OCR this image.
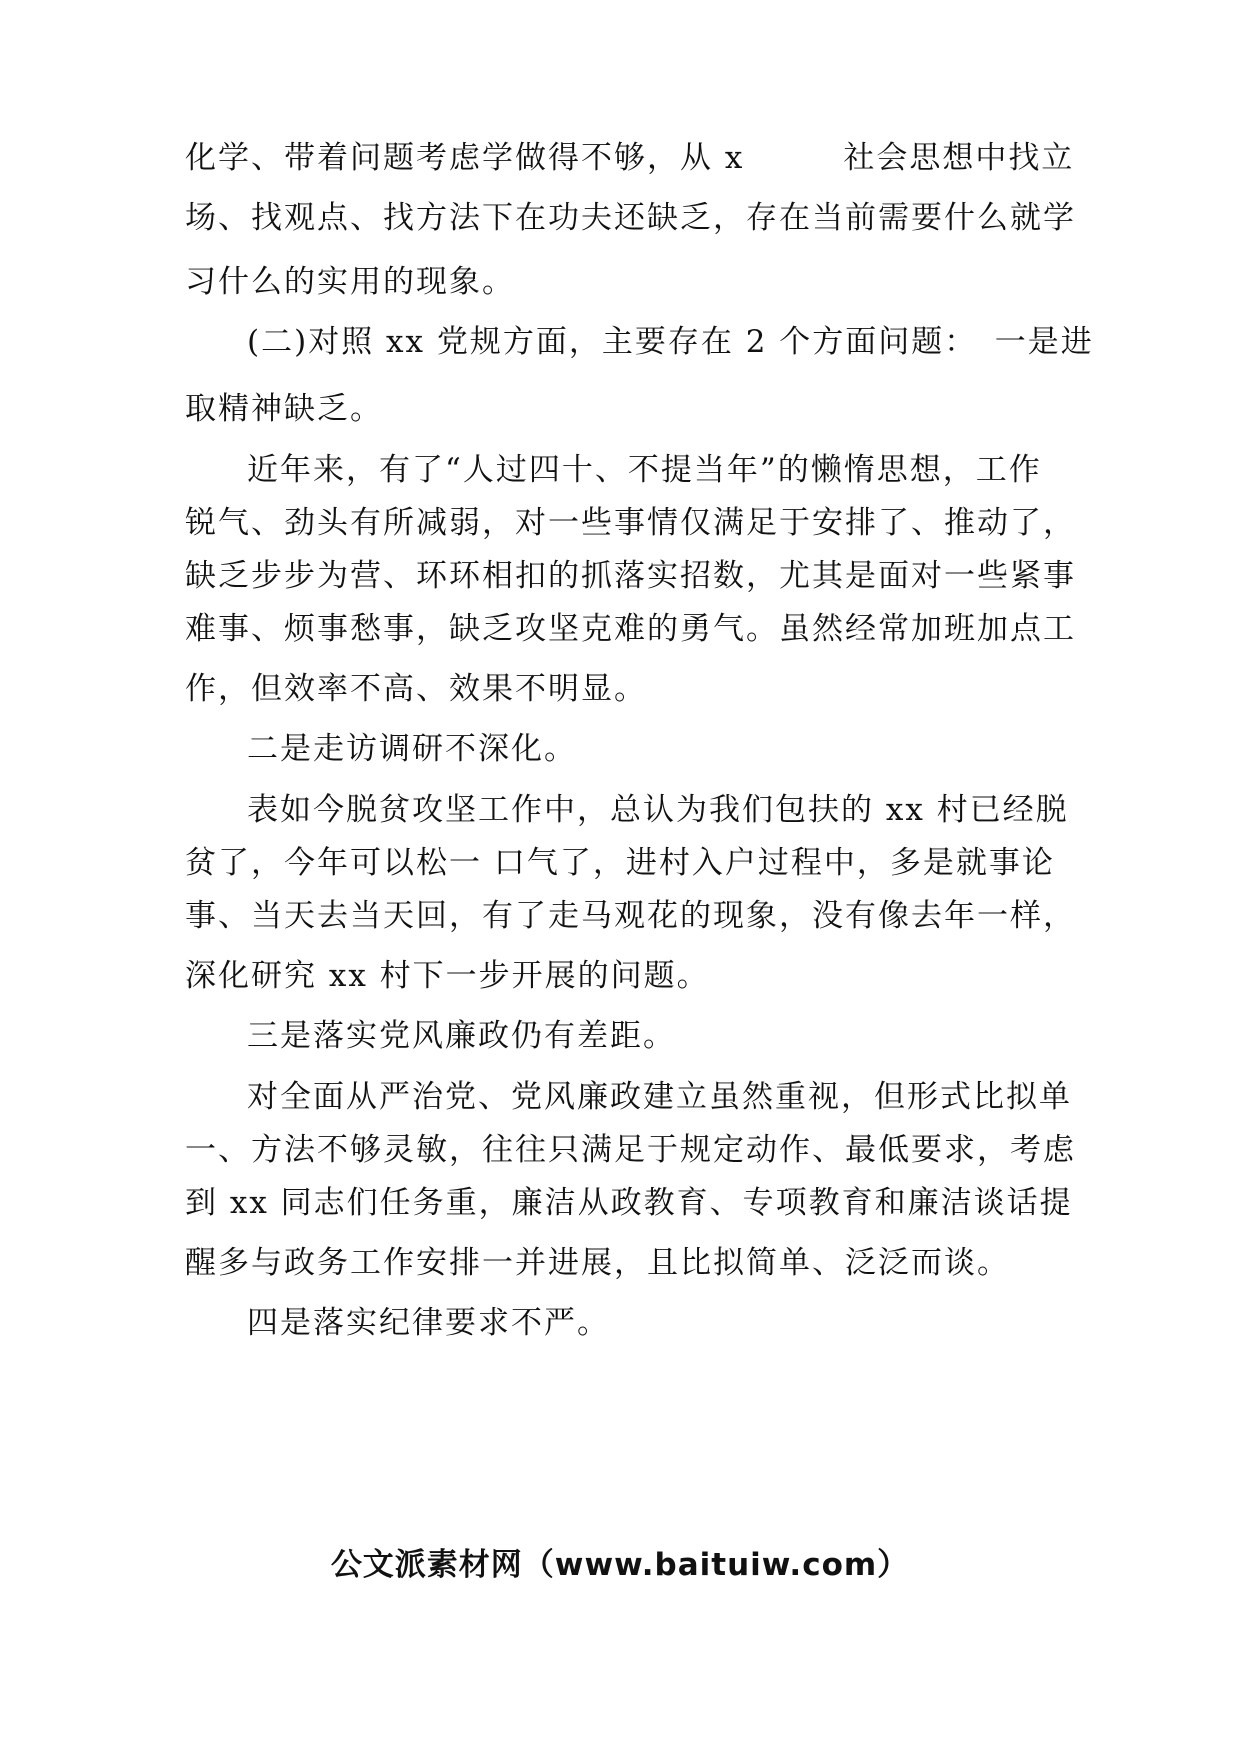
化学、带着问题考虑学做得不够，从 x　　　社会思想中找立
场、找观点、找方法下在功夫还缺乏，存在当前需要什么就学
习什么的实用的现象。
(二)对照 xx 党规方面，主要存在 2 个方面问题：　一是进
取精神缺乏。
近年来，有了“人过四十、不提当年”的懒惰思想，工作
锐气、劲头有所减弱，对一些事情仅满足于安排了、推动了，
缺乏步步为营、环环相扣的抓落实招数，尤其是面对一些紧事
难事、烦事愁事，缺乏攻坚克难的勇气。虽然经常加班加点工
作，但效率不高、效果不明显。
二是走访调研不深化。
表如今脱贫攻坚工作中，总认为我们包扶的 xx 村已经脱
贫了，今年可以松一 口气了，进村入户过程中，多是就事论
事、当天去当天回，有了走马观花的现象，没有像去年一样，
深化研究 xx 村下一步开展的问题。
三是落实党风廉政仍有差距。
对全面从严治党、党风廉政建立虽然重视，但形式比拟单
一、方法不够灵敏，往往只满足于规定动作、最低要求，考虑
到 xx 同志们任务重，廉洁从政教育、专项教育和廉洁谈话提
醒多与政务工作安排一并进展，且比拟简单、泛泛而谈。
四是落实纪律要求不严。
公文派素材网（www.baituiw.com）
